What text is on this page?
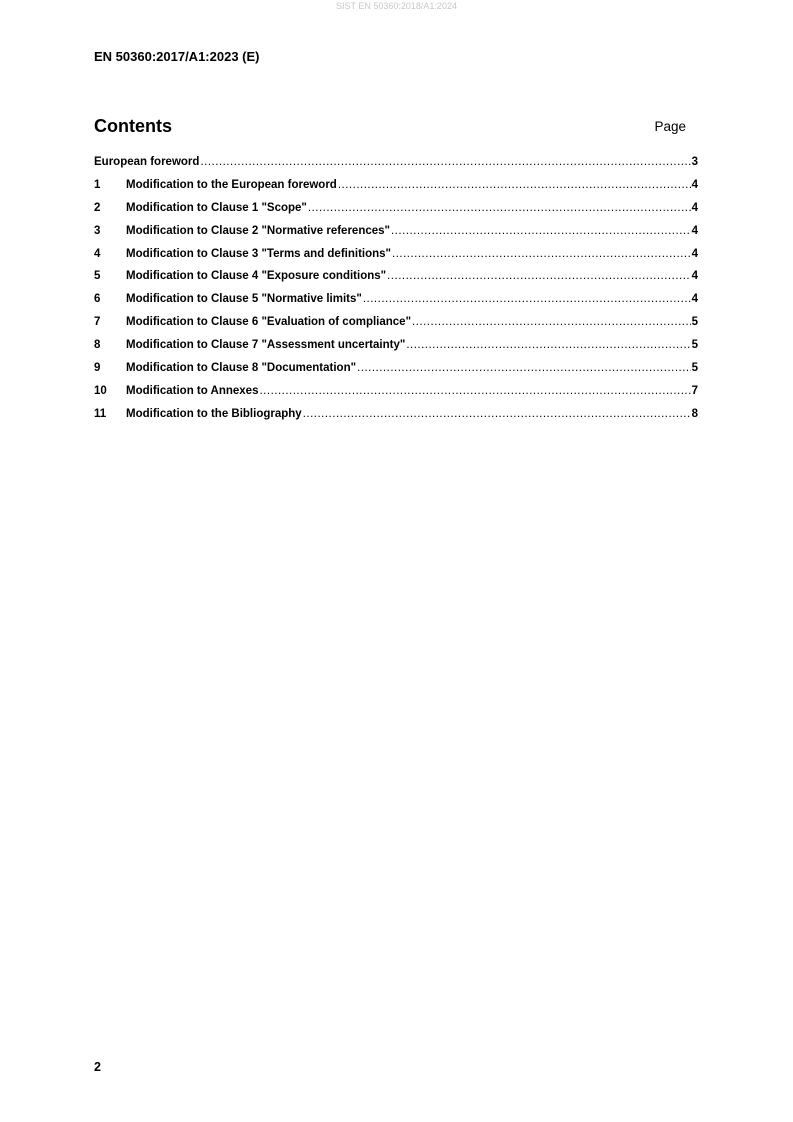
SIST EN 50360:2018/A1:2024
EN 50360:2017/A1:2023 (E)
Contents	Page
European foreword .....	3
1	Modification to the European foreword .....	4
2	Modification to Clause 1 "Scope" .....	4
3	Modification to Clause 2 "Normative references" .....	4
4	Modification to Clause 3 "Terms and definitions" .....	4
5	Modification to Clause 4 "Exposure conditions" .....	4
6	Modification to Clause 5 "Normative limits" .....	4
7	Modification to Clause 6 "Evaluation of compliance" .....	5
8	Modification to Clause 7 "Assessment uncertainty" .....	5
9	Modification to Clause 8 "Documentation" .....	5
10	Modification to Annexes .....	7
11	Modification to the Bibliography .....	8
2
